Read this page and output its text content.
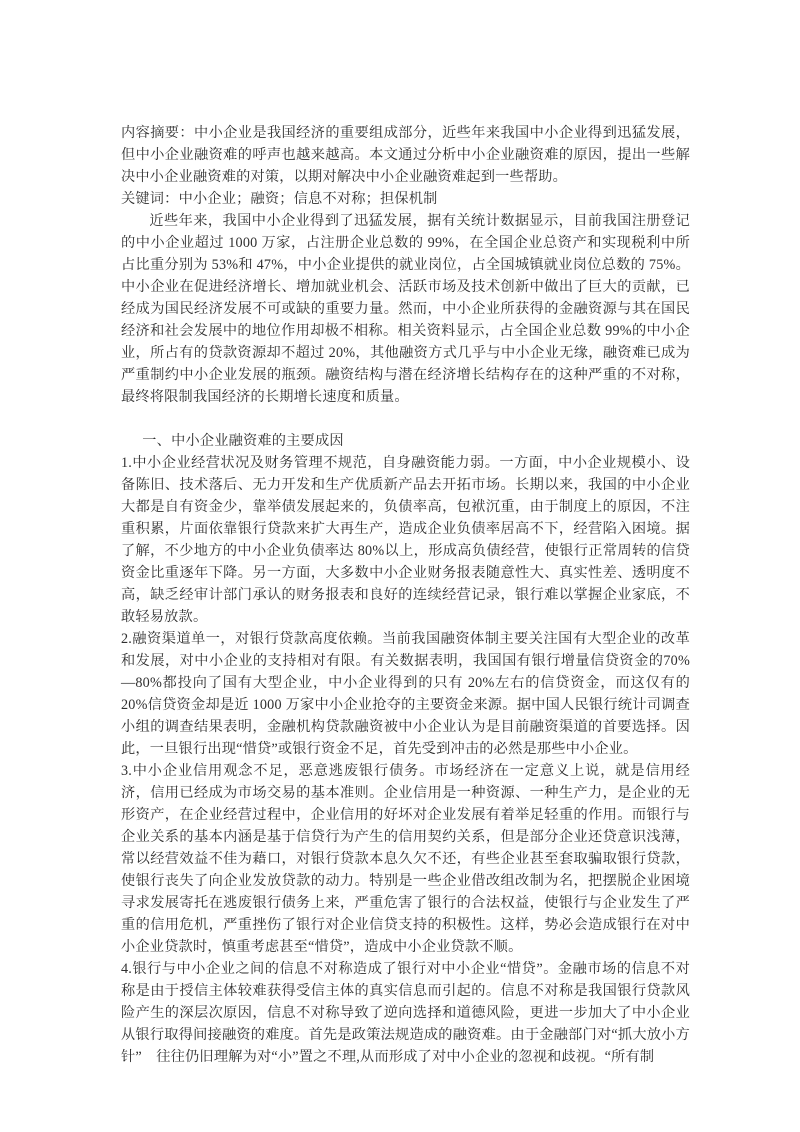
内容摘要：中小企业是我国经济的重要组成部分，近些年来我国中小企业得到迅猛发展，但中小企业融资难的呼声也越来越高。本文通过分析中小企业融资难的原因，提出一些解决中小企业融资难的对策，以期对解决中小企业融资难起到一些帮助。

关键词：中小企业；融资；信息不对称；担保机制

近些年来，我国中小企业得到了迅猛发展，据有关统计数据显示，目前我国注册登记的中小企业超过 1000 万家，占注册企业总数的 99%，在全国企业总资产和实现税利中所占比重分别为 53%和 47%，中小企业提供的就业岗位，占全国城镇就业岗位总数的 75%。中小企业在促进经济增长、增加就业机会、活跃市场及技术创新中做出了巨大的贡献，已经成为国民经济发展不可或缺的重要力量。然而，中小企业所获得的金融资源与其在国民经济和社会发展中的地位作用却极不相称。相关资料显示，占全国企业总数 99%的中小企业，所占有的贷款资源却不超过 20%，其他融资方式几乎与中小企业无缘，融资难已成为严重制约中小企业发展的瓶颈。融资结构与潜在经济增长结构存在的这种严重的不对称，最终将限制我国经济的长期增长速度和质量。

一、中小企业融资难的主要成因

1.中小企业经营状况及财务管理不规范，自身融资能力弱。一方面，中小企业规模小、设备陈旧、技术落后、无力开发和生产优质新产品去开拓市场。长期以来，我国的中小企业大都是自有资金少，靠举债发展起来的，负债率高，包袱沉重，由于制度上的原因，不注重积累，片面依靠银行贷款来扩大再生产，造成企业负债率居高不下，经营陷入困境。据了解，不少地方的中小企业负债率达 80%以上，形成高负债经营，使银行正常周转的信贷资金比重逐年下降。另一方面，大多数中小企业财务报表随意性大、真实性差、透明度不高，缺乏经审计部门承认的财务报表和良好的连续经营记录，银行难以掌握企业家底，不敢轻易放款。

2.融资渠道单一，对银行贷款高度依赖。当前我国融资体制主要关注国有大型企业的改革和发展，对中小企业的支持相对有限。有关数据表明，我国国有银行增量信贷资金的70%—80%都投向了国有大型企业，中小企业得到的只有 20%左右的信贷资金，而这仅有的 20%信贷资金却是近 1000 万家中小企业抢夺的主要资金来源。据中国人民银行统计司调查小组的调查结果表明，金融机构贷款融资被中小企业认为是目前融资渠道的首要选择。因此，一旦银行出现“惜贷”或银行资金不足，首先受到冲击的必然是那些中小企业。

3.中小企业信用观念不足，恶意逃废银行债务。市场经济在一定意义上说，就是信用经济，信用已经成为市场交易的基本准则。企业信用是一种资源、一种生产力，是企业的无形资产，在企业经营过程中，企业信用的好坏对企业发展有着举足轻重的作用。而银行与企业关系的基本内涵是基于信贷行为产生的信用契约关系，但是部分企业还贷意识浅薄，常以经营效益不佳为藉口，对银行贷款本息久欠不还，有些企业甚至套取骗取银行贷款，使银行丧失了向企业发放贷款的动力。特别是一些企业借改组改制为名，把摆脱企业困境寻求发展寄托在逃废银行债务上来，严重危害了银行的合法权益，使银行与企业发生了严重的信用危机，严重挫伤了银行对企业信贷支持的积极性。这样，势必会造成银行在对中小企业贷款时，慎重考虑甚至“惜贷”，造成中小企业贷款不顺。

4.银行与中小企业之间的信息不对称造成了银行对中小企业“惜贷”。金融市场的信息不对称是由于授信主体较难获得受信主体的真实信息而引起的。信息不对称是我国银行贷款风险产生的深层次原因，信息不对称导致了逆向选择和道德风险，更进一步加大了中小企业从银行取得间接融资的难度。首先是政策法规造成的融资难。由于金融部门对“抓大放小方针”　往往仍旧理解为对“小”置之不理,从而形成了对中小企业的忽视和歧视。“所有制
